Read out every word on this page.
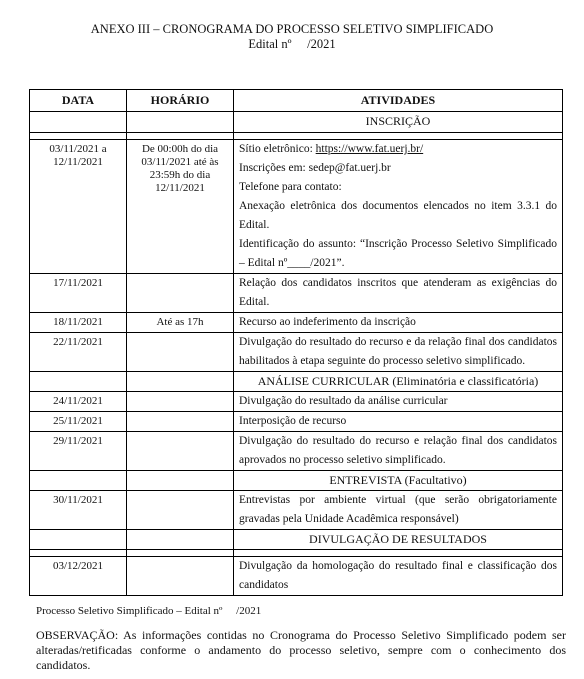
ANEXO III – CRONOGRAMA DO PROCESSO SELETIVO SIMPLIFICADO
Edital nº     /2021
DATA	HORÁRIO	ATIVIDADES
		INSCRIÇÃO

03/11/2021 a 12/11/2021	De 00:00h do dia 03/11/2021 até às 23:59h do dia 12/11/2021	Sítio eletrônico: https://www.fat.uerj.br/
Inscrições em: sedep@fat.uerj.br
Telefone para contato:
Anexação eletrônica dos documentos elencados no item 3.3.1 do Edital.
Identificação do assunto: “Inscrição Processo Seletivo Simplificado – Edital nº____/2021”.

17/11/2021		Relação dos candidatos inscritos que atenderam as exigências do Edital.
18/11/2021	Até as 17h	Recurso ao indeferimento da inscrição
22/11/2021		Divulgação do resultado do recurso e da relação final dos candidatos habilitados à etapa seguinte do processo seletivo simplificado.
		ANÁLISE CURRICULAR (Eliminatória e classificatória)
24/11/2021		Divulgação do resultado da análise curricular
25/11/2021		Interposição de recurso
29/11/2021		Divulgação do resultado do recurso e relação final dos candidatos aprovados no processo seletivo simplificado.
		ENTREVISTA (Facultativo)
30/11/2021		Entrevistas por ambiente virtual (que serão obrigatoriamente gravadas pela Unidade Acadêmica responsável)
		DIVULGAÇÃO DE RESULTADOS

03/12/2021		Divulgação da homologação do resultado final e classificação dos candidatos
Processo Seletivo Simplificado – Edital nº     /2021
OBSERVAÇÃO: As informações contidas no Cronograma do Processo Seletivo Simplificado podem ser alteradas/retificadas conforme o andamento do processo seletivo, sempre com o conhecimento dos candidatos.
